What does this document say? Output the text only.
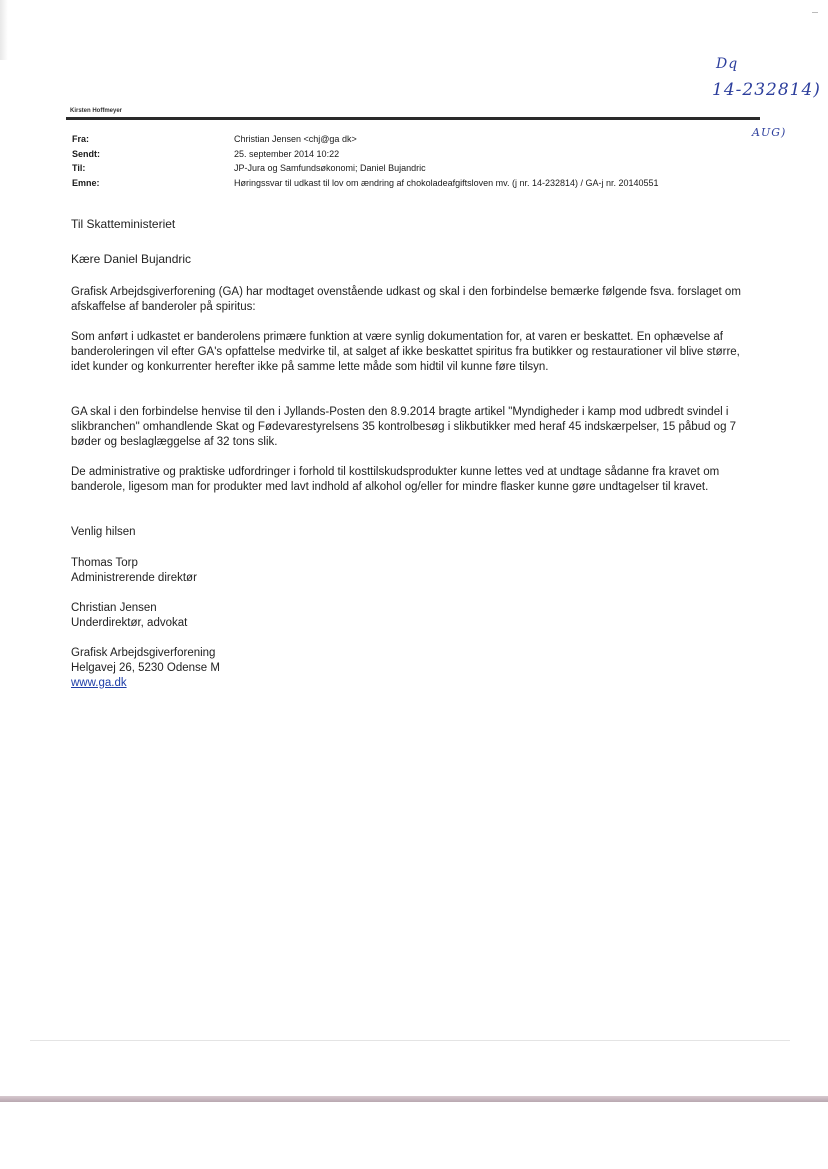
Dq
14-232814)
AUG)
Kirsten Hoffmeyer
Fra:	Christian Jensen <chj@ga dk>
Sendt:	25. september 2014 10:22
Til:	JP-Jura og Samfundsøkonomi; Daniel Bujandric
Emne:	Høringssvar til udkast til lov om ændring af chokoladeafgiftsloven mv. (j nr. 14-232814) / GA-j nr. 20140551
Til Skatteministeriet
Kære Daniel Bujandric
Grafisk Arbejdsgiverforening (GA) har modtaget ovenstående udkast og skal i den forbindelse bemærke følgende fsva. forslaget om afskaffelse af banderoler på spiritus:
Som anført i udkastet er banderolens primære funktion at være synlig dokumentation for, at varen er beskattet. En ophævelse af banderoleringen vil efter GA's opfattelse medvirke til, at salget af ikke beskattet spiritus fra butikker og restaurationer vil blive større, idet kunder og konkurrenter herefter ikke på samme lette måde som hidtil vil kunne føre tilsyn.
GA skal i den forbindelse henvise til den i Jyllands-Posten den 8.9.2014 bragte artikel "Myndigheder i kamp mod udbredt svindel i slikbranchen" omhandlende Skat og Fødevarestyrelsens 35 kontrolbesøg i slikbutikker med heraf 45 indskærpelser, 15 påbud og 7 bøder og beslaglæggelse af 32 tons slik.
De administrative og praktiske udfordringer i forhold til kosttilskudsprodukter kunne lettes ved at undtage sådanne fra kravet om banderole, ligesom man for produkter med lavt indhold af alkohol og/eller for mindre flasker kunne gøre undtagelser til kravet.
Venlig hilsen
Thomas Torp
Administrerende direktør
Christian Jensen
Underdirektør, advokat
Grafisk Arbejdsgiverforening
Helgavej 26, 5230 Odense M
www.ga.dk
